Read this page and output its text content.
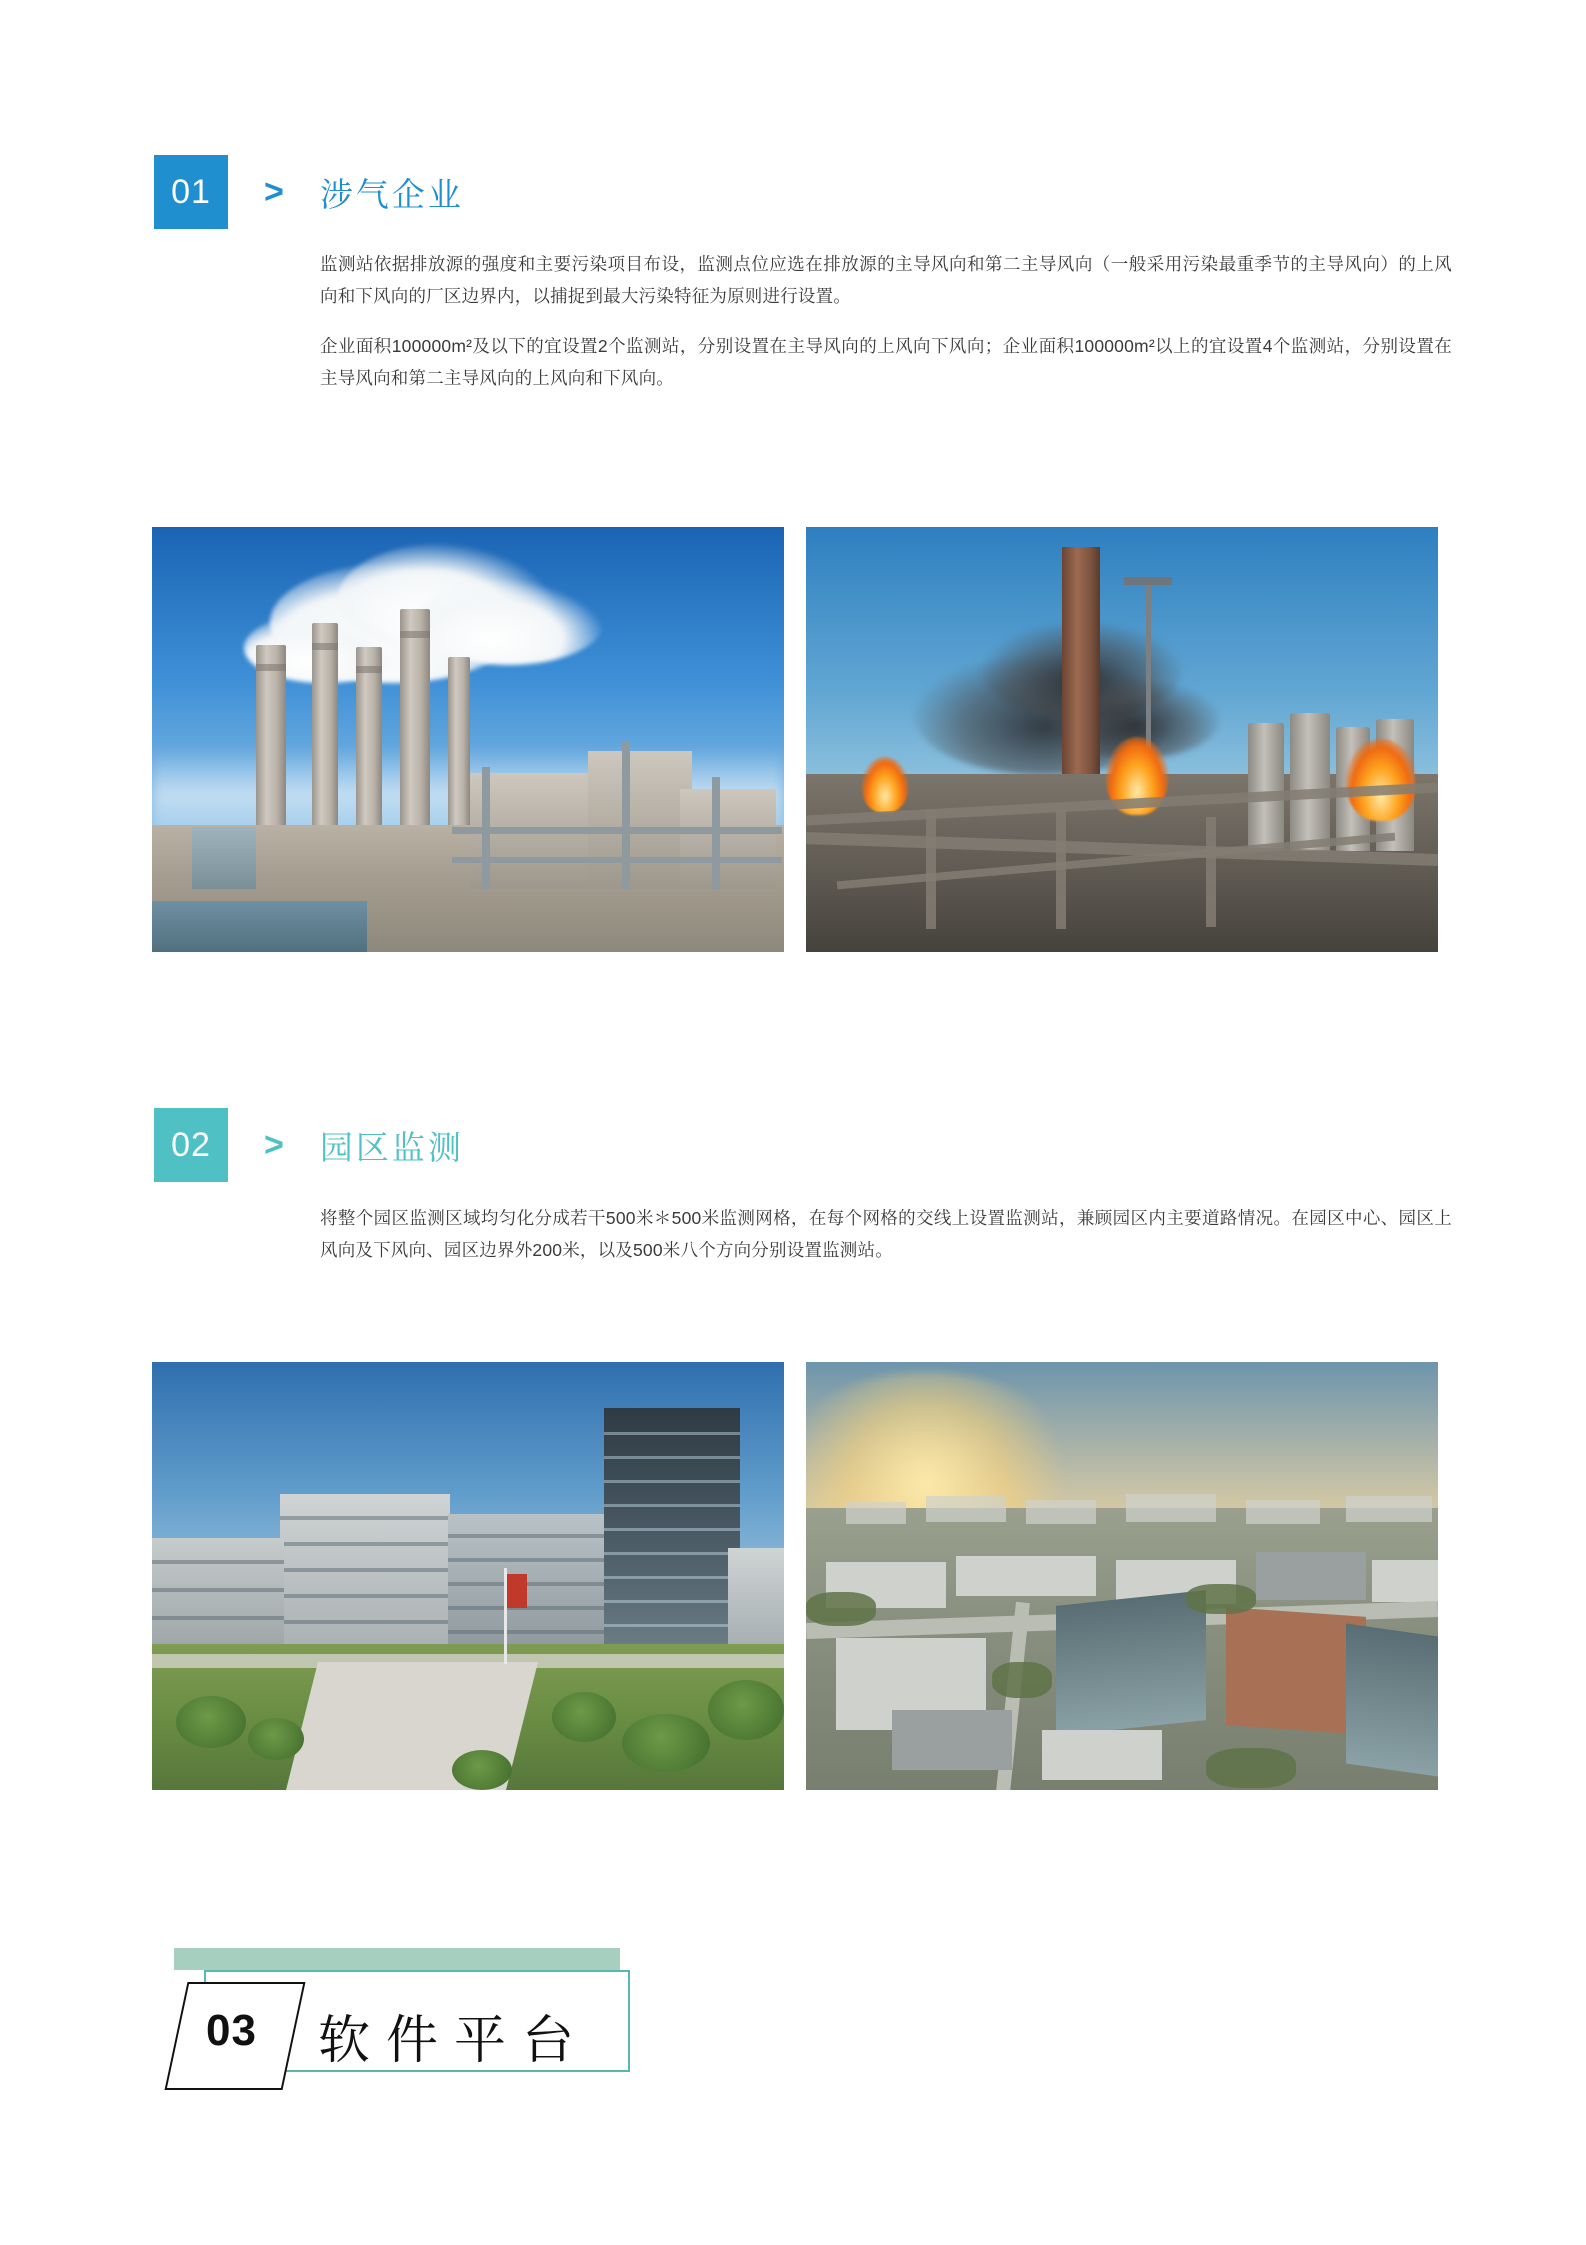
01	> 涉气企业
监测站依据排放源的强度和主要污染项目布设，监测点位应选在排放源的主导风向和第二主导风向（一般采用污染最重季节的主导风向）的上风向和下风向的厂区边界内，以捕捉到最大污染特征为原则进行设置。
企业面积100000m²及以下的宜设置2个监测站，分别设置在主导风向的上风向下风向；企业面积100000m²以上的宜设置4个监测站，分别设置在主导风向和第二主导风向的上风向和下风向。
02	> 园区监测
将整个园区监测区域均匀化分成若干500米＊500米监测网格，在每个网格的交线上设置监测站，兼顾园区内主要道路情况。在园区中心、园区上风向及下风向、园区边界外200米，以及500米八个方向分别设置监测站。
03 软件平台
